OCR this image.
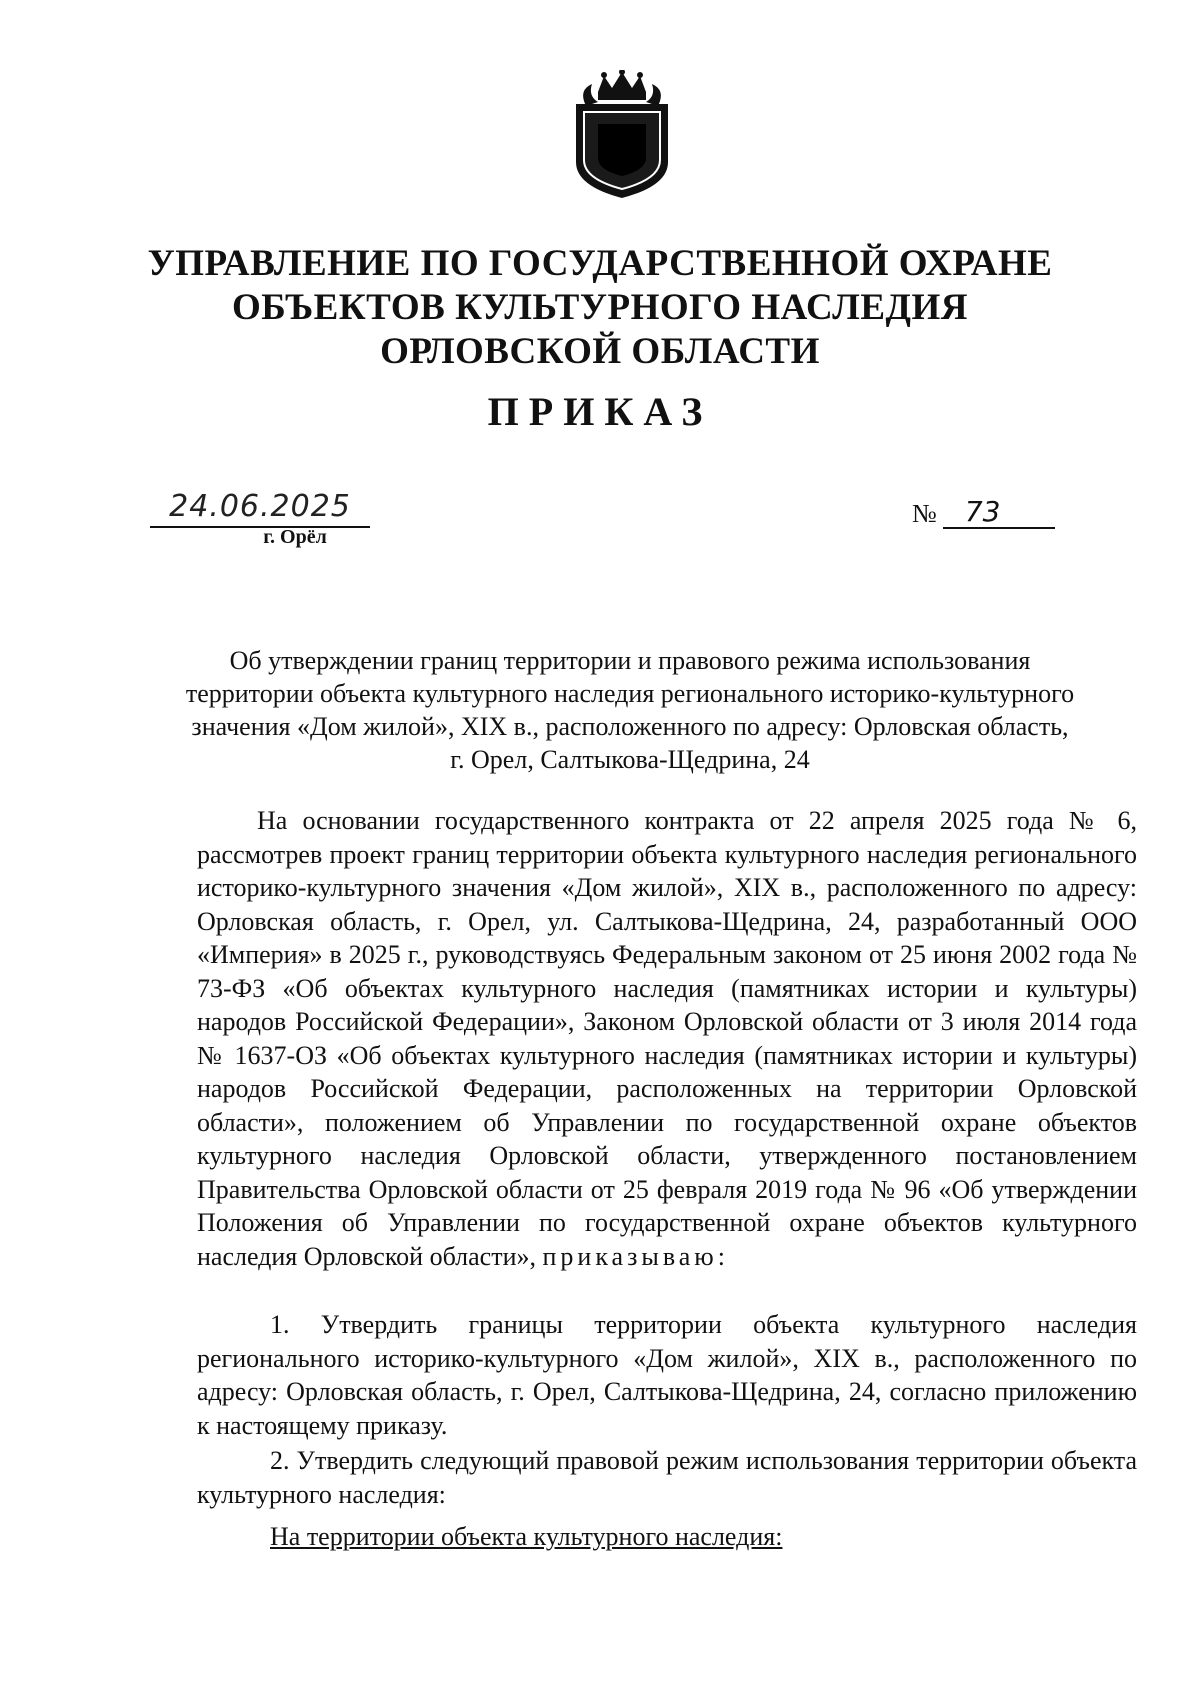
УПРАВЛЕНИЕ ПО ГОСУДАРСТВЕННОЙ ОХРАНЕ
ОБЪЕКТОВ КУЛЬТУРНОГО НАСЛЕДИЯ
ОРЛОВСКОЙ ОБЛАСТИ
ПРИКАЗ
24.06.2025
г. Орёл
№ 73
Об утверждении границ территории и правового режима использования
территории объекта культурного наследия регионального историко-культурного
значения «Дом жилой», XIX в., расположенного по адресу: Орловская область,
г. Орел, Салтыкова-Щедрина, 24

На основании государственного контракта от 22 апреля 2025 года № 6, рассмотрев проект границ территории объекта культурного наследия регионального историко-культурного значения «Дом жилой», XIX в., расположенного по адресу: Орловская область, г. Орел, ул. Салтыкова-Щедрина, 24, разработанный ООО «Империя» в 2025 г., руководствуясь Федеральным законом от 25 июня 2002 года № 73-ФЗ «Об объектах культурного наследия (памятниках истории и культуры) народов Российской Федерации», Законом Орловской области от 3 июля 2014 года № 1637-ОЗ «Об объектах культурного наследия (памятниках истории и культуры) народов Российской Федерации, расположенных на территории Орловской области», положением об Управлении по государственной охране объектов культурного наследия Орловской области, утвержденного постановлением Правительства Орловской области от 25 февраля 2019 года № 96 «Об утверждении Положения об Управлении по государственной охране объектов культурного наследия Орловской области», приказываю:

1. Утвердить границы территории объекта культурного наследия регионального историко-культурного «Дом жилой», XIX в., расположенного по адресу: Орловская область, г. Орел, Салтыкова-Щедрина, 24, согласно приложению к настоящему приказу.

2. Утвердить следующий правовой режим использования территории объекта культурного наследия:

На территории объекта культурного наследия:
